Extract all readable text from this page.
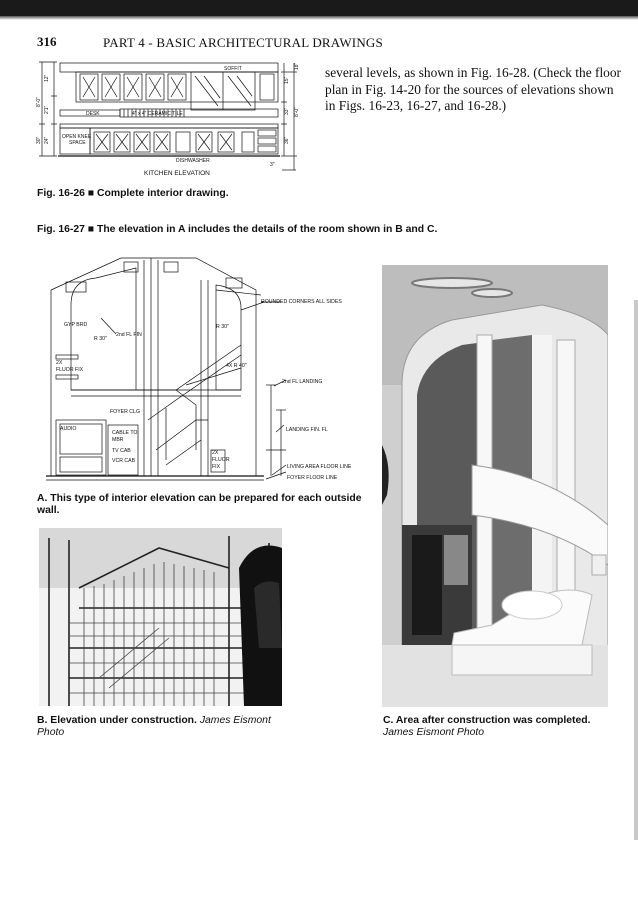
316	PART 4 - BASIC ARCHITECTURAL DRAWINGS
several levels, as shown in Fig. 16-28. (Check the floor plan in Fig. 14-20 for the sources of elevations shown in Figs. 16-23, 16-27, and 16-28.)
SOFFIT
4" x 4" CERAMIC TILE
DESK
OPEN KNEE
SPACE
DISHWASHER
KITCHEN ELEVATION
8'-0"
12"
2'1"
30" 24"
15"
33"
36"
3"
8'-0"
18"
Fig. 16-26 ■ Complete interior drawing.
Fig. 16-27 ■ The elevation in A includes the details of the room shown in B and C.
ROUNDED CORNERS ALL SIDES
GYP BRD
R 30"
R 30"
2nd FL FIN
2X
FLUOR FIX
4X R 40"
2nd FL LANDING
FOYER CLG
AUDIO
CABLE TO
MBR
TV CAB
VCR CAB
2X
FLUOR
FIX
LANDING FIN. FL
LIVING AREA FLOOR LINE
FOYER FLOOR LINE
A. This type of interior elevation can be prepared for each outside wall.
B. Elevation under construction. James Eismont Photo
C. Area after construction was completed. James Eismont Photo
